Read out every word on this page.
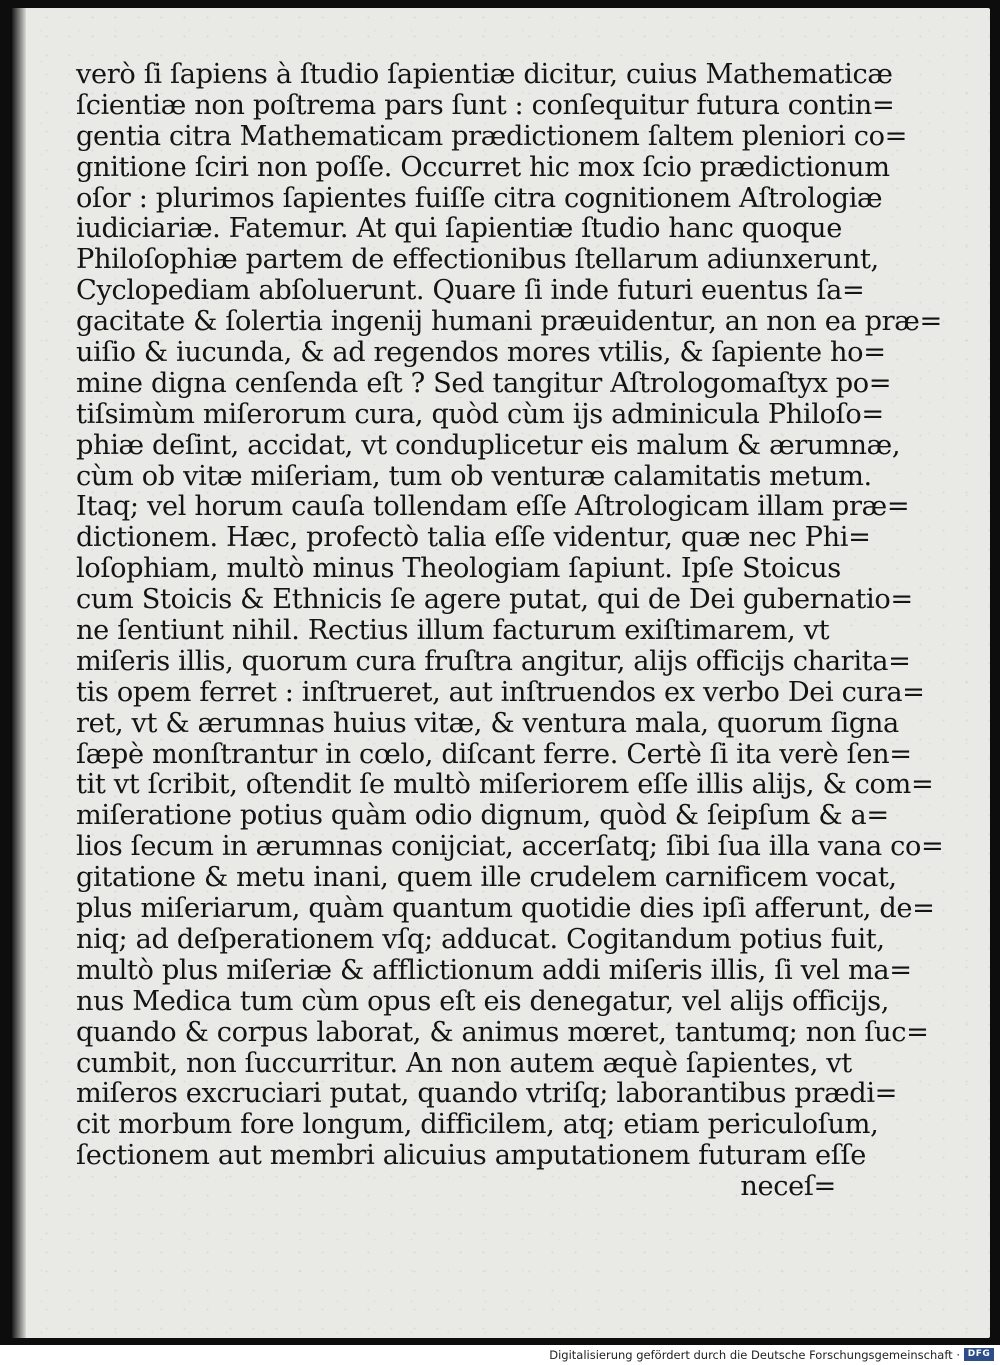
verò ſi ſapiens à ſtudio ſapientiæ dicitur, cuius Mathematicæ
ſcientiæ non poſtrema pars ſunt : conſequitur futura contin=
gentia citra Mathematicam prædictionem ſaltem pleniori co=
gnitione ſciri non poſſe. Occurret hic mox ſcio prædictionum
oſor : plurimos ſapientes fuiſſe citra cognitionem Aſtrologiæ
iudiciariæ. Fatemur. At qui ſapientiæ ſtudio hanc quoque
Philoſophiæ partem de effectionibus ſtellarum adiunxerunt,
Cyclopediam abſoluerunt. Quare ſi inde futuri euentus ſa=
gacitate & ſolertia ingenij humani præuidentur, an non ea præ=
uiſio & iucunda, & ad regendos mores vtilis, & ſapiente ho=
mine digna cenſenda eſt ? Sed tangitur Aſtrologomaſtyx po=
tiſsimùm miſerorum cura, quòd cùm ijs adminicula Philoſo=
phiæ deſint, accidat, vt conduplicetur eis malum & ærumnæ,
cùm ob vitæ miſeriam, tum ob venturæ calamitatis metum.
Itaq; vel horum cauſa tollendam eſſe Aſtrologicam illam præ=
dictionem. Hæc, profectò talia eſſe videntur, quæ nec Phi=
loſophiam, multò minus Theologiam ſapiunt. Ipſe Stoicus
cum Stoicis & Ethnicis ſe agere putat, qui de Dei gubernatio=
ne ſentiunt nihil. Rectius illum facturum exiſtimarem, vt
miſeris illis, quorum cura fruſtra angitur, alijs officijs charita=
tis opem ferret : inſtrueret, aut inſtruendos ex verbo Dei cura=
ret, vt & ærumnas huius vitæ, & ventura mala, quorum ſigna
ſæpè monſtrantur in cœlo, diſcant ferre. Certè ſi ita verè ſen=
tit vt ſcribit, oſtendit ſe multò miſeriorem eſſe illis alijs, & com=
miſeratione potius quàm odio dignum, quòd & ſeipſum & a=
lios ſecum in ærumnas conijciat, accerſatq; ſibi ſua illa vana co=
gitatione & metu inani, quem ille crudelem carnificem vocat,
plus miſeriarum, quàm quantum quotidie dies ipſi afferunt, de=
niq; ad deſperationem vſq; adducat. Cogitandum potius fuit,
multò plus miſeriæ & afflictionum addi miſeris illis, ſi vel ma=
nus Medica tum cùm opus eſt eis denegatur, vel alijs officijs,
quando & corpus laborat, & animus mœret, tantumq; non ſuc=
cumbit, non ſuccurritur. An non autem æquè ſapientes, vt
miſeros excruciari putat, quando vtriſq; laborantibus prædi=
cit morbum fore longum, difficilem, atq; etiam periculoſum,
ſectionem aut membri alicuius amputationem futuram eſſe
neceſ=
Digitalisierung gefördert durch die Deutsche Forschungsgemeinschaft · DFG
